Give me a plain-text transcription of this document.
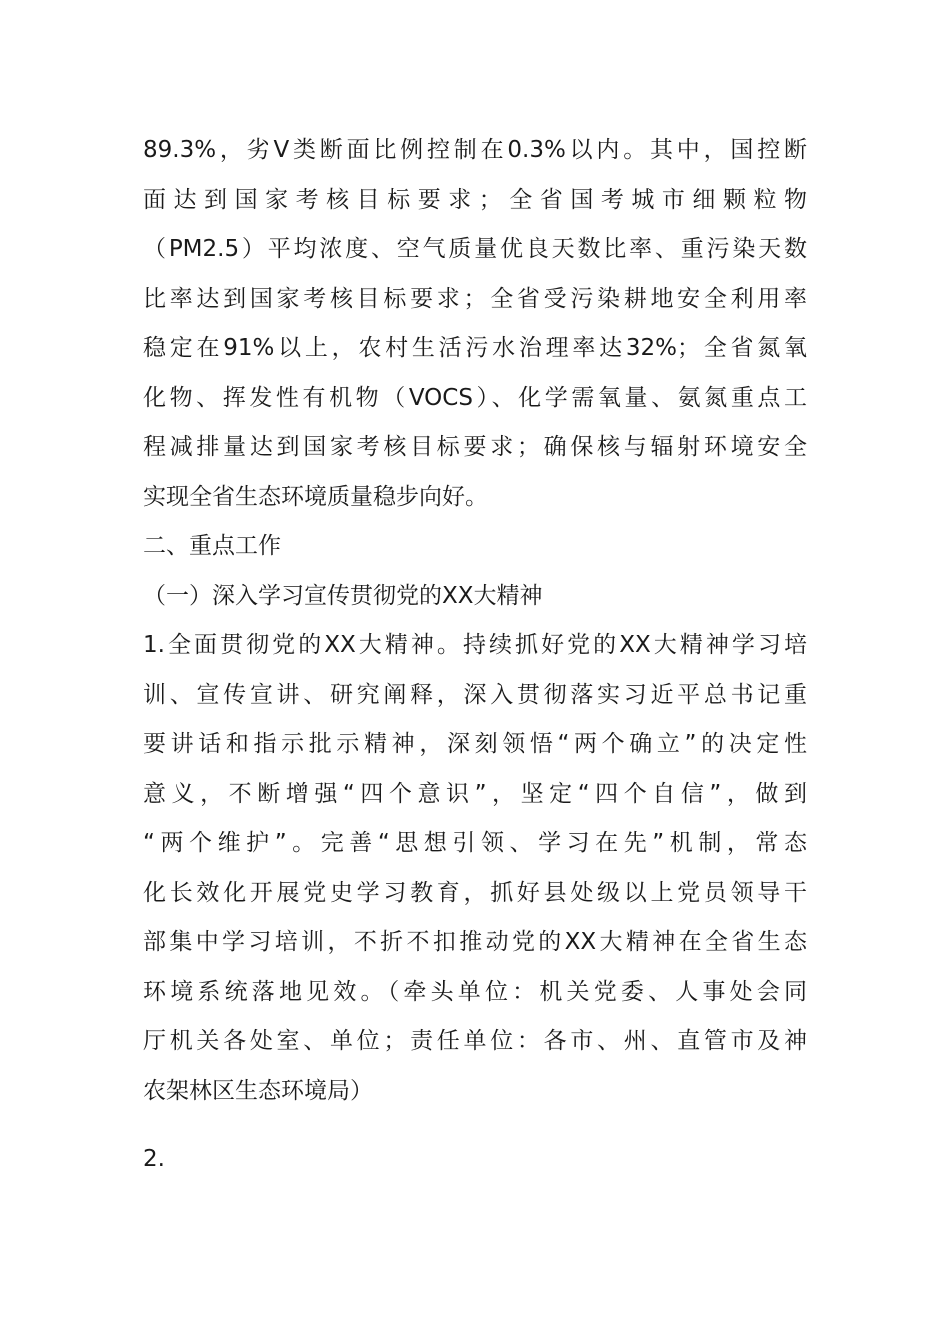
89.3%，劣Ⅴ类断面比例控制在0.3%以内。其中，国控断
面达到国家考核目标要求；全省国考城市细颗粒物
（PM2.5）平均浓度、空气质量优良天数比率、重污染天数
比率达到国家考核目标要求；全省受污染耕地安全利用率
稳定在91%以上，农村生活污水治理率达32%；全省氮氧
化物、挥发性有机物（VOCS）、化学需氧量、氨氮重点工
程减排量达到国家考核目标要求；确保核与辐射环境安全
实现全省生态环境质量稳步向好。
二、重点工作
（一）深入学习宣传贯彻党的XX大精神
1.全面贯彻党的XX大精神。持续抓好党的XX大精神学习培
训、宣传宣讲、研究阐释，深入贯彻落实习近平总书记重
要讲话和指示批示精神，深刻领悟“两个确立”的决定性
意义，不断增强“四个意识”，坚定“四个自信”，做到
“两个维护”。完善“思想引领、学习在先”机制，常态
化长效化开展党史学习教育，抓好县处级以上党员领导干
部集中学习培训，不折不扣推动党的XX大精神在全省生态
环境系统落地见效。（牵头单位：机关党委、人事处会同
厅机关各处室、单位；责任单位：各市、州、直管市及神
农架林区生态环境局）
2.
